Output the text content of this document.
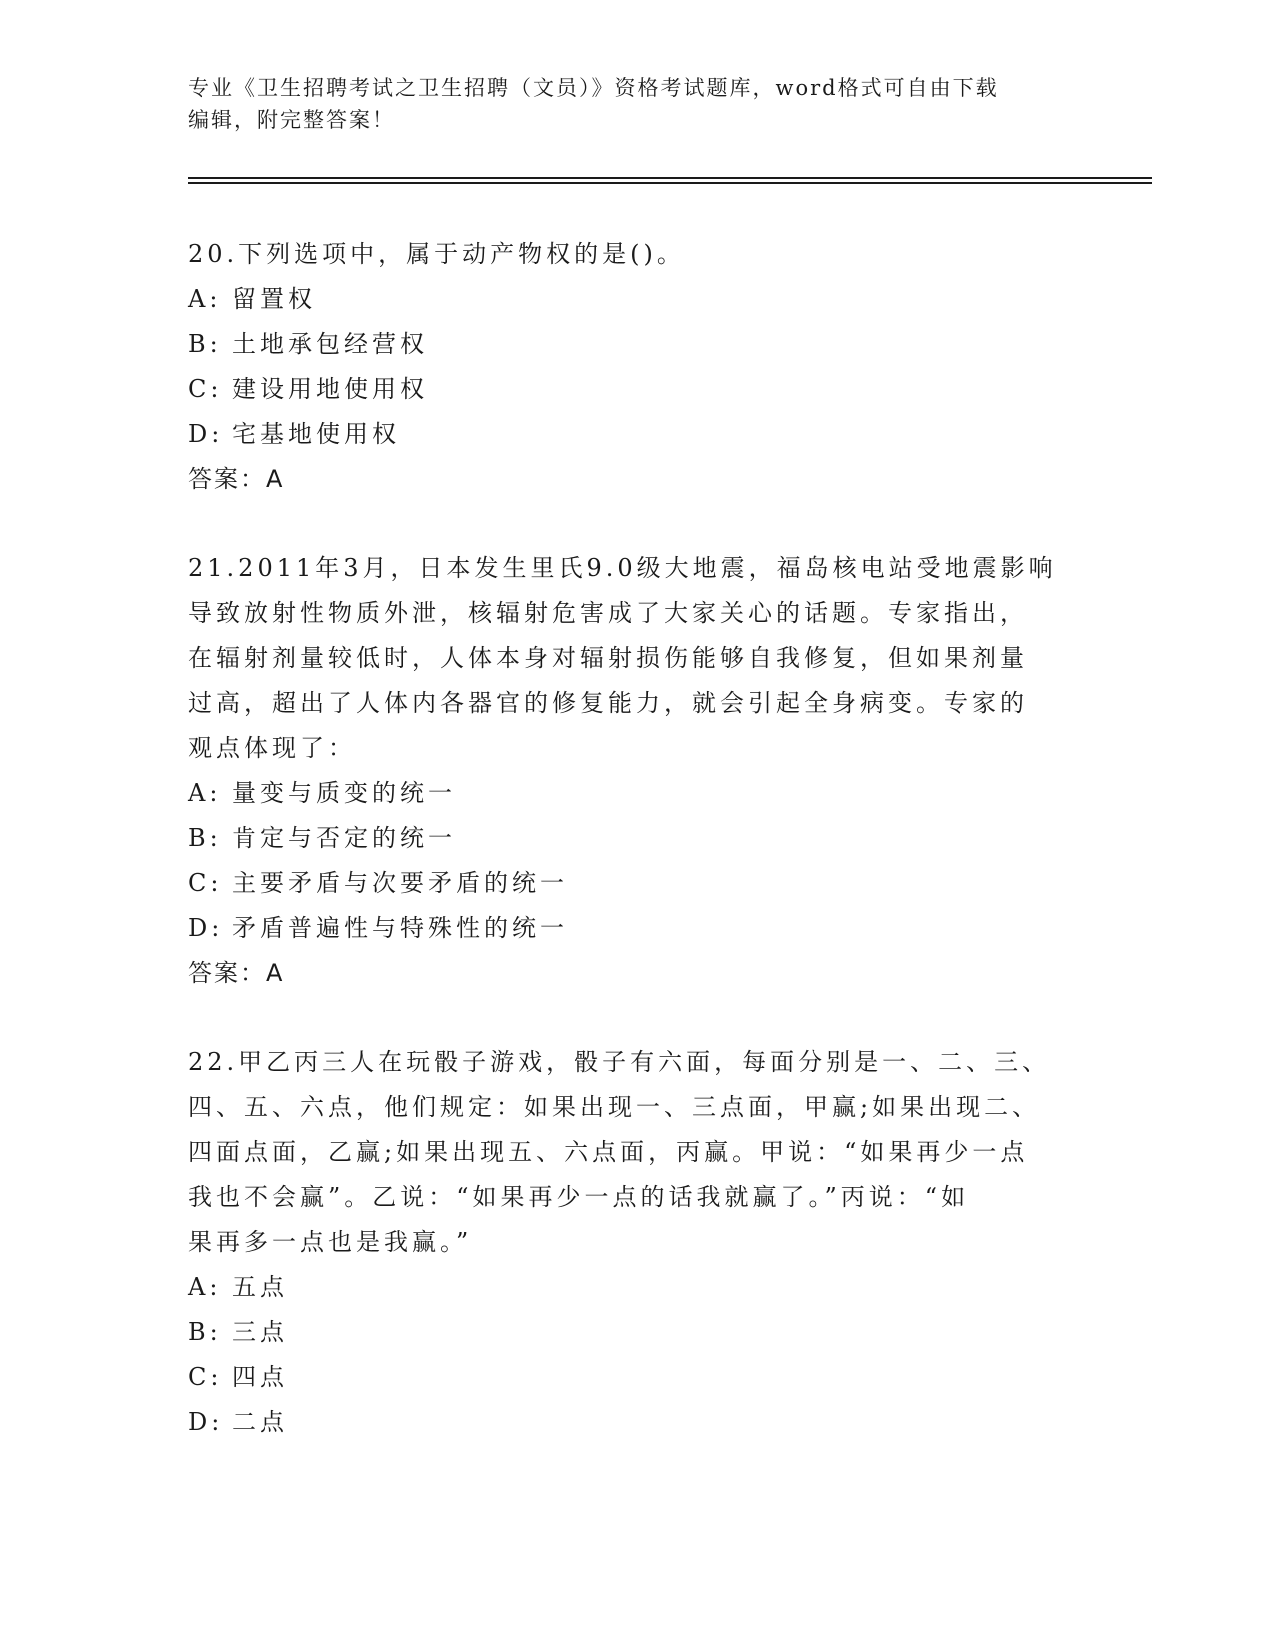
专业《卫生招聘考试之卫生招聘（文员）》资格考试题库，word格式可自由下载
编辑，附完整答案！
20.下列选项中，属于动产物权的是()。
A: 留置权
B: 土地承包经营权
C: 建设用地使用权
D: 宅基地使用权
答案：A
21.2011年3月，日本发生里氏9.0级大地震，福岛核电站受地震影响
导致放射性物质外泄，核辐射危害成了大家关心的话题。专家指出，
在辐射剂量较低时，人体本身对辐射损伤能够自我修复，但如果剂量
过高，超出了人体内各器官的修复能力，就会引起全身病变。专家的
观点体现了：
A: 量变与质变的统一
B: 肯定与否定的统一
C: 主要矛盾与次要矛盾的统一
D: 矛盾普遍性与特殊性的统一
答案：A
22.甲乙丙三人在玩骰子游戏，骰子有六面，每面分别是一、二、三、
四、五、六点，他们规定：如果出现一、三点面，甲赢;如果出现二、
四面点面，乙赢;如果出现五、六点面，丙赢。甲说：“如果再少一点
我也不会赢”。乙说：“如果再少一点的话我就赢了。”丙说：“如
果再多一点也是我赢。”
A: 五点
B: 三点
C: 四点
D: 二点
